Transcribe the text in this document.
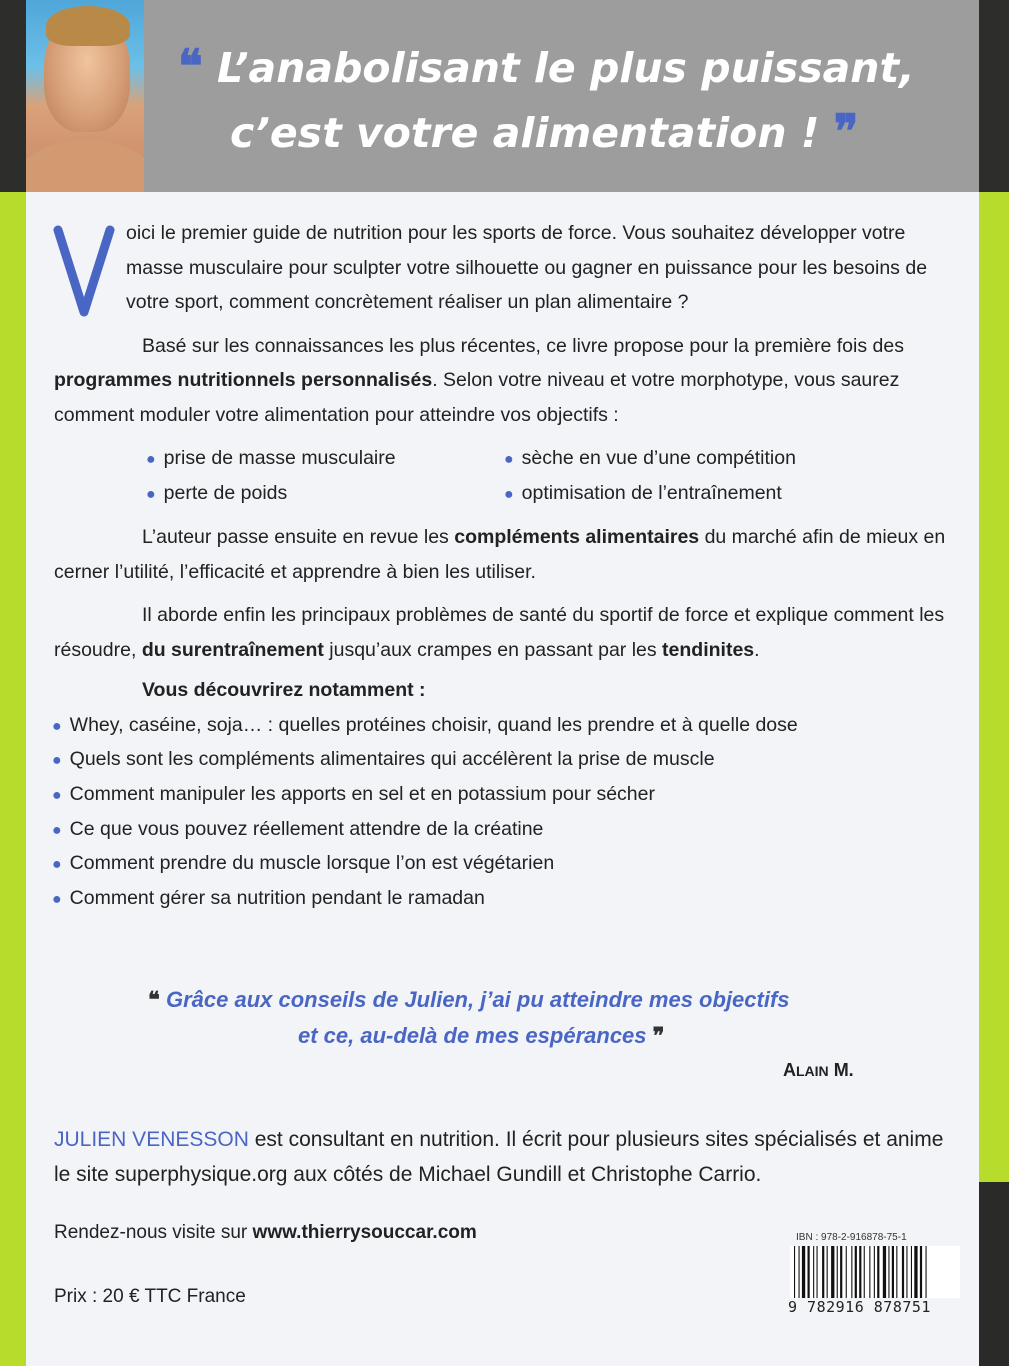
❝ L’anabolisant le plus puissant,
c’est votre alimentation ! ❞

oici le premier guide de nutrition pour les sports de force. Vous souhaitez développer votre masse musculaire pour sculpter votre silhouette ou gagner en puissance pour les besoins de votre sport, comment concrètement réaliser un plan alimentaire ?

Basé sur les connaissances les plus récentes, ce livre propose pour la première fois des programmes nutritionnels personnalisés. Selon votre niveau et votre morphotype, vous saurez comment moduler votre alimentation pour atteindre vos objectifs :

● prise de masse musculaire	● sèche en vue d’une compétition
● perte de poids	● optimisation de l’entraînement

L’auteur passe ensuite en revue les compléments alimentaires du marché afin de mieux en cerner l’utilité, l’efficacité et apprendre à bien les utiliser.

Il aborde enfin les principaux problèmes de santé du sportif de force et explique comment les résoudre, du surentraînement jusqu’aux crampes en passant par les tendinites.

Vous découvrirez notamment :

● Whey, caséine, soja… : quelles protéines choisir, quand les prendre et à quelle dose
● Quels sont les compléments alimentaires qui accélèrent la prise de muscle
● Comment manipuler les apports en sel et en potassium pour sécher
● Ce que vous pouvez réellement attendre de la créatine
● Comment prendre du muscle lorsque l’on est végétarien
● Comment gérer sa nutrition pendant le ramadan
❝ Grâce aux conseils de Julien, j’ai pu atteindre mes objectifs
et ce, au-delà de mes espérances ❞
ALAIN M.
JULIEN VENESSON est consultant en nutrition. Il écrit pour plusieurs sites spécialisés et anime le site superphysique.org aux côtés de Michael Gundill et Christophe Carrio.
Rendez-nous visite sur www.thierrysouccar.com
Prix : 20 € TTC France
IBN : 978-2-916878-75-1
9 782916 878751
